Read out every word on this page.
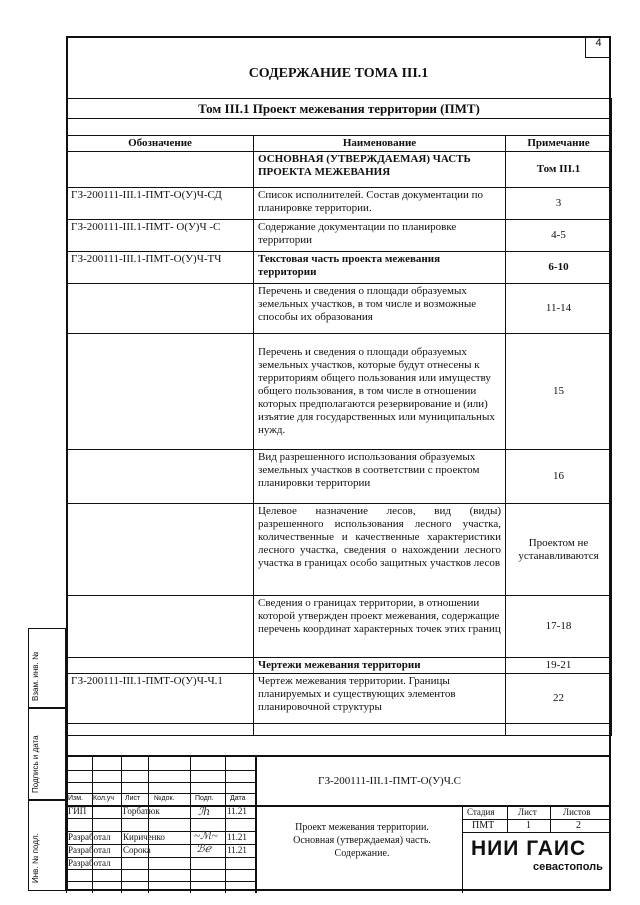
4
СОДЕРЖАНИЕ ТОМА III.1
Том III.1 Проект межевания территории (ПМТ)		

Обозначение	Наименование	Примечание
	ОСНОВНАЯ (УТВЕРЖДАЕМАЯ) ЧАСТЬ ПРОЕКТА МЕЖЕВАНИЯ	Том III.1
ГЗ-200111-III.1-ПМТ-О(У)Ч-СД	Список исполнителей. Состав документации по планировке территории.	3
ГЗ-200111-III.1-ПМТ- О(У)Ч -С	Содержание документации по планировке территории	4-5
ГЗ-200111-III.1-ПМТ-О(У)Ч-ТЧ	Текстовая часть проекта межевания территории	6-10
	Перечень и сведения о площади образуемых земельных участков, в том числе и возможные способы их образования	11-14
	Перечень и сведения о площади образуемых земельных участков, которые будут отнесены к территориям общего пользования или имуществу общего пользования, в том числе в отношении которых предполагаются резервирование и (или) изъятие для государственных или муниципальных нужд.	15
	Вид разрешенного использования образуемых земельных участков в соответствии с проектом планировки территории	16
	Целевое назначение лесов, вид (виды) разрешенного использования лесного участка, количественные и качественные характеристики лесного участка, сведения о нахождении лесного участка в границах особо защитных участков лесов	Проектом не устанавливаются
	Сведения о границах территории, в отношении которой утвержден проект межевания, содержащие перечень координат характерных точек этих границ	17-18
	Чертежи межевания территории	19-21
ГЗ-200111-III.1-ПМТ-О(У)Ч-Ч.1	Чертеж межевания территории. Границы планируемых и существующих элементов планировочной структуры	22

Взам. инв. №
Подпись и дата
Инв. № подл.
ГЗ-200111-III.1-ПМТ-О(У)Ч.С
Изм. Кол.уч Лист №док.	Подп. Дата
ГИП	Горбатюк	ℐℎ 11.21
Разработал Кириченко	~ℳ~ 11.21
Разработал Сорока	ℬℯ 11.21
Разработал
Проект межевания территории.
Основная (утверждаемая) часть.
Содержание.
Стадия	Лист	Листов
ПМТ	1	2
НИИ ГАИС
севастополь
